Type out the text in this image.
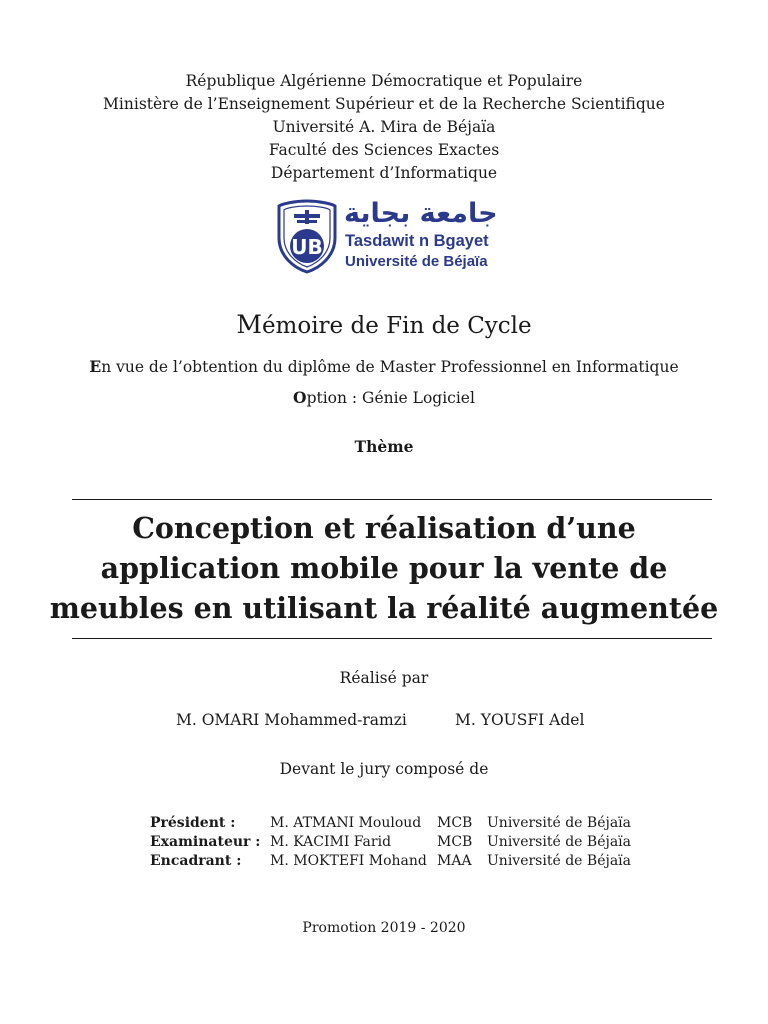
République Algérienne Démocratique et Populaire
Ministère de l’Enseignement Supérieur et de la Recherche Scientifique
Université A. Mira de Béjaïa
Faculté des Sciences Exactes
Département d’Informatique
UB
جامعة بجاية
Tasdawit n Bgayet
Université de Béjaïa
Mémoire de Fin de Cycle
En vue de l’obtention du diplôme de Master Professionnel en Informatique
Option : Génie Logiciel
Thème
Conception et réalisation d’une
application mobile pour la vente de
meubles en utilisant la réalité augmentée
Réalisé par
M. OMARI Mohammed-ramzi	M. YOUSFI Adel
Devant le jury composé de
Président : M. ATMANI Mouloud MCB Université de Béjaïa
Examinateur : M. KACIMI Farid	MCB Université de Béjaïa
Encadrant : M. MOKTEFI Mohand MAA Université de Béjaïa
Promotion 2019 - 2020
